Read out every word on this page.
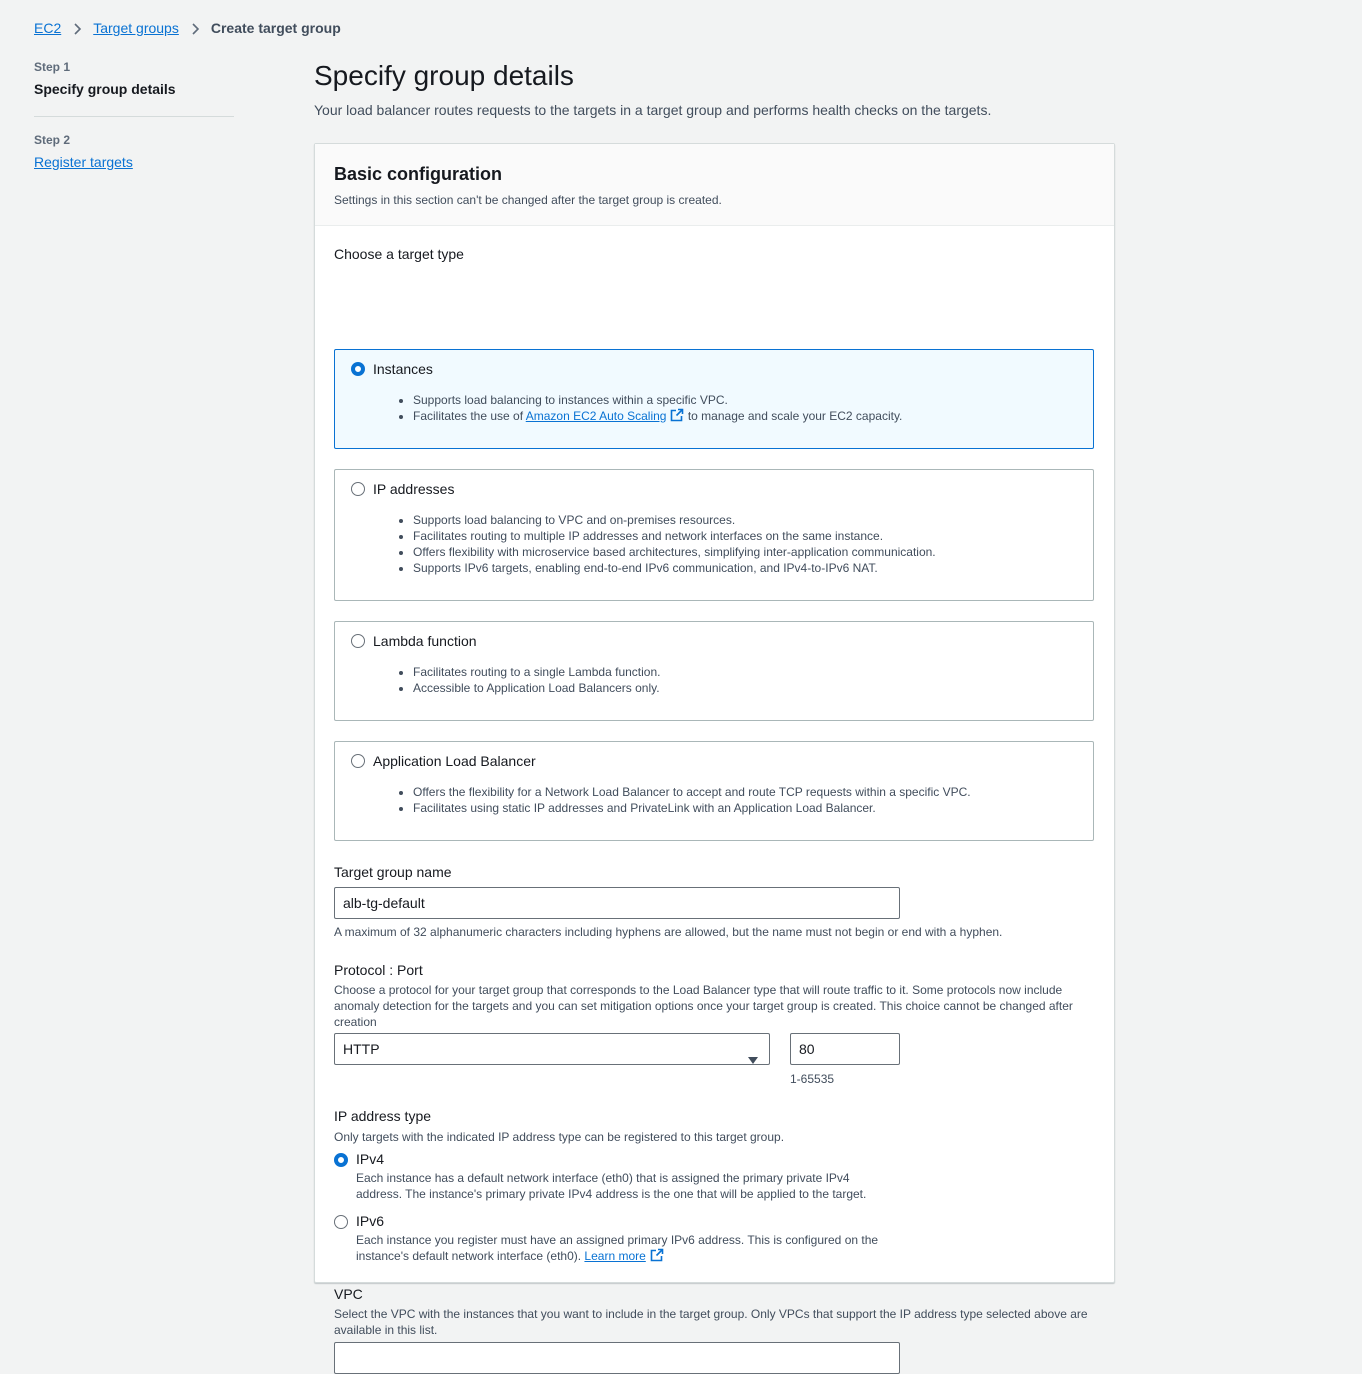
EC2 Target groups Create target group
Step 1
Specify group details
Step 2
Register targets
Specify group details

Your load balancer routes requests to the targets in a target group and performs health checks on the targets.

Basic configuration

Settings in this section can't be changed after the target group is created.

Choose a target type
Instances
• Supports load balancing to instances within a specific VPC.
• Facilitates the use of Amazon EC2 Auto Scaling to manage and scale your EC2 capacity.
IP addresses
• Supports load balancing to VPC and on-premises resources.
• Facilitates routing to multiple IP addresses and network interfaces on the same instance.
• Offers flexibility with microservice based architectures, simplifying inter-application communication.
• Supports IPv6 targets, enabling end-to-end IPv6 communication, and IPv4-to-IPv6 NAT.
Lambda function
• Facilitates routing to a single Lambda function.
• Accessible to Application Load Balancers only.
Application Load Balancer
• Offers the flexibility for a Network Load Balancer to accept and route TCP requests within a specific VPC.
• Facilitates using static IP addresses and PrivateLink with an Application Load Balancer.
Target group name
alb-tg-default
A maximum of 32 alphanumeric characters including hyphens are allowed, but the name must not begin or end with a hyphen.
Protocol : Port
Choose a protocol for your target group that corresponds to the Load Balancer type that will route traffic to it. Some protocols now include anomaly detection for the targets and you can set mitigation options once your target group is created. This choice cannot be changed after creation
HTTP	80
1-65535
IP address type
Only targets with the indicated IP address type can be registered to this target group.
IPv4
Each instance has a default network interface (eth0) that is assigned the primary private IPv4 address. The instance's primary private IPv4 address is the one that will be applied to the target.
IPv6
Each instance you register must have an assigned primary IPv6 address. This is configured on the instance's default network interface (eth0). Learn more
VPC
Select the VPC with the instances that you want to include in the target group. Only VPCs that support the IP address type selected above are available in this list.
